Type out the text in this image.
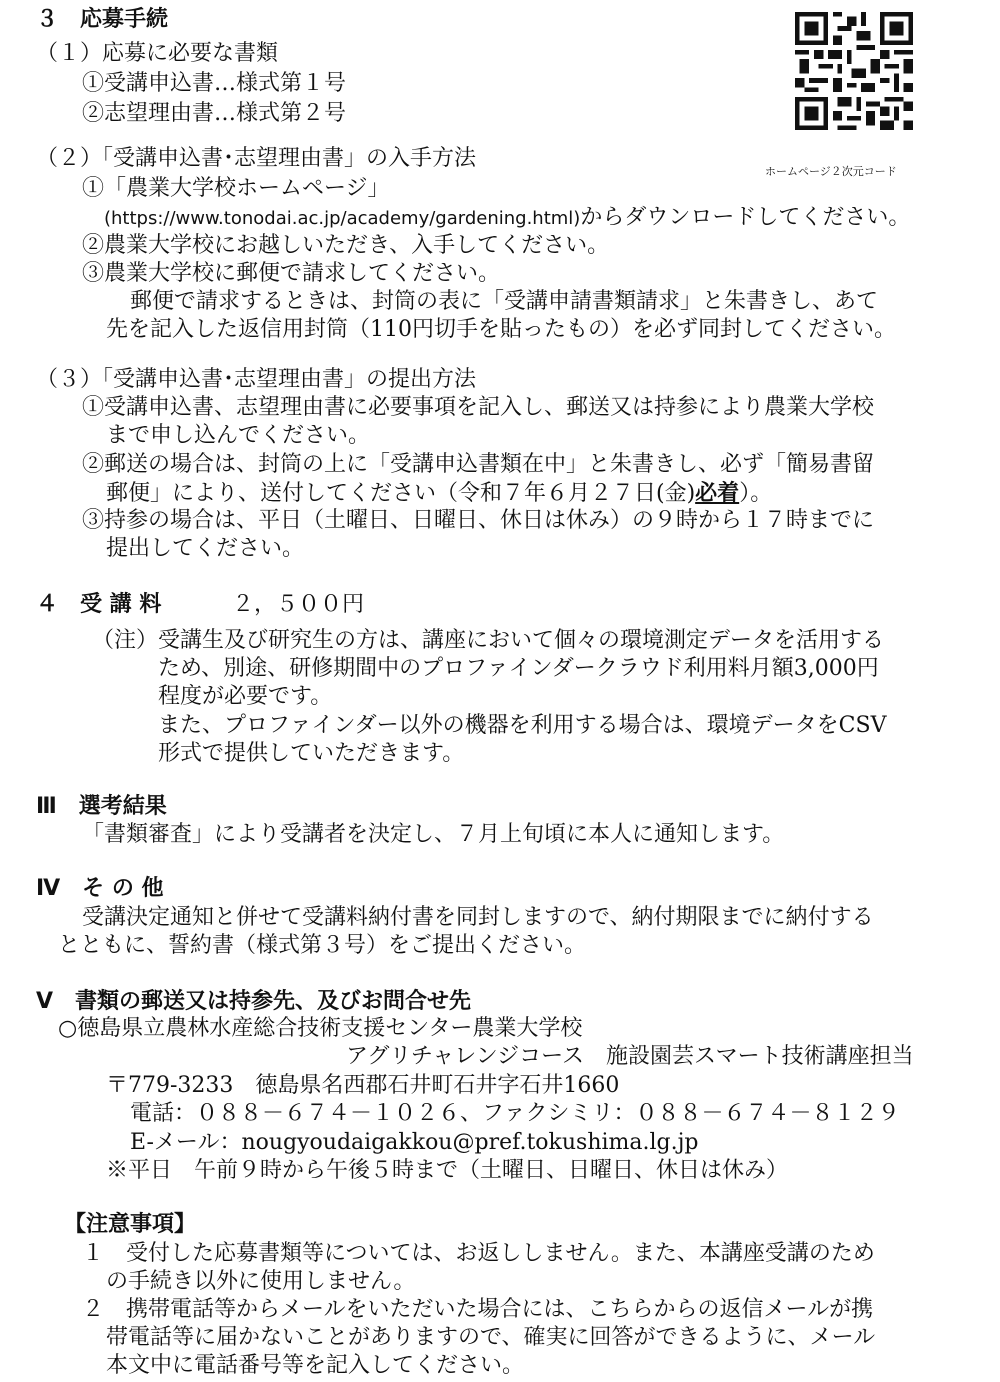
３　応募手続
（１）応募に必要な書類
①受講申込書…様式第１号
②志望理由書…様式第２号
ホームページ２次元コード
（２）「受講申込書･志望理由書」の入手方法
①「農業大学校ホームページ」
(https://www.tonodai.ac.jp/academy/gardening.html)からダウンロードしてください。
②農業大学校にお越しいただき、入手してください。
③農業大学校に郵便で請求してください。
郵便で請求するときは、封筒の表に「受講申請書類請求」と朱書きし、あて
先を記入した返信用封筒（110円切手を貼ったもの）を必ず同封してください。
（３）「受講申込書･志望理由書」の提出方法
①受講申込書、志望理由書に必要事項を記入し、郵送又は持参により農業大学校
まで申し込んでください。
②郵送の場合は、封筒の上に「受講申込書類在中」と朱書きし、必ず「簡易書留
郵便」により、送付してください（令和７年６月２７日(金)必着）。
③持参の場合は、平日（土曜日、日曜日、休日は休み）の９時から１７時までに
提出してください。
４　受 講 料	２，５００円
（注）受講生及び研究生の方は、講座において個々の環境測定データを活用する
ため、別途、研修期間中のプロファインダークラウド利用料月額3,000円
程度が必要です。
また、プロファインダー以外の機器を利用する場合は、環境データをCSV
形式で提供していただきます。
Ⅲ　選考結果
「書類審査」により受講者を決定し、７月上旬頃に本人に通知します。
Ⅳ　そ の 他
受講決定通知と併せて受講料納付書を同封しますので、納付期限までに納付する
とともに、誓約書（様式第３号）をご提出ください。
Ⅴ　書類の郵送又は持参先、及びお問合せ先
○徳島県立農林水産総合技術支援センター農業大学校
アグリチャレンジコース　施設園芸スマート技術講座担当
〒779-3233　徳島県名西郡石井町石井字石井1660
電話：０８８－６７４－１０２６、ファクシミリ：０８８－６７４－８１２９
E-メール：nougyoudaigakkou@pref.tokushima.lg.jp
※平日　午前９時から午後５時まで（土曜日、日曜日、休日は休み）
【注意事項】
１　受付した応募書類等については、お返ししません。また、本講座受講のため
の手続き以外に使用しません。
２　携帯電話等からメールをいただいた場合には、こちらからの返信メールが携
帯電話等に届かないことがありますので、確実に回答ができるように、メール
本文中に電話番号等を記入してください。
